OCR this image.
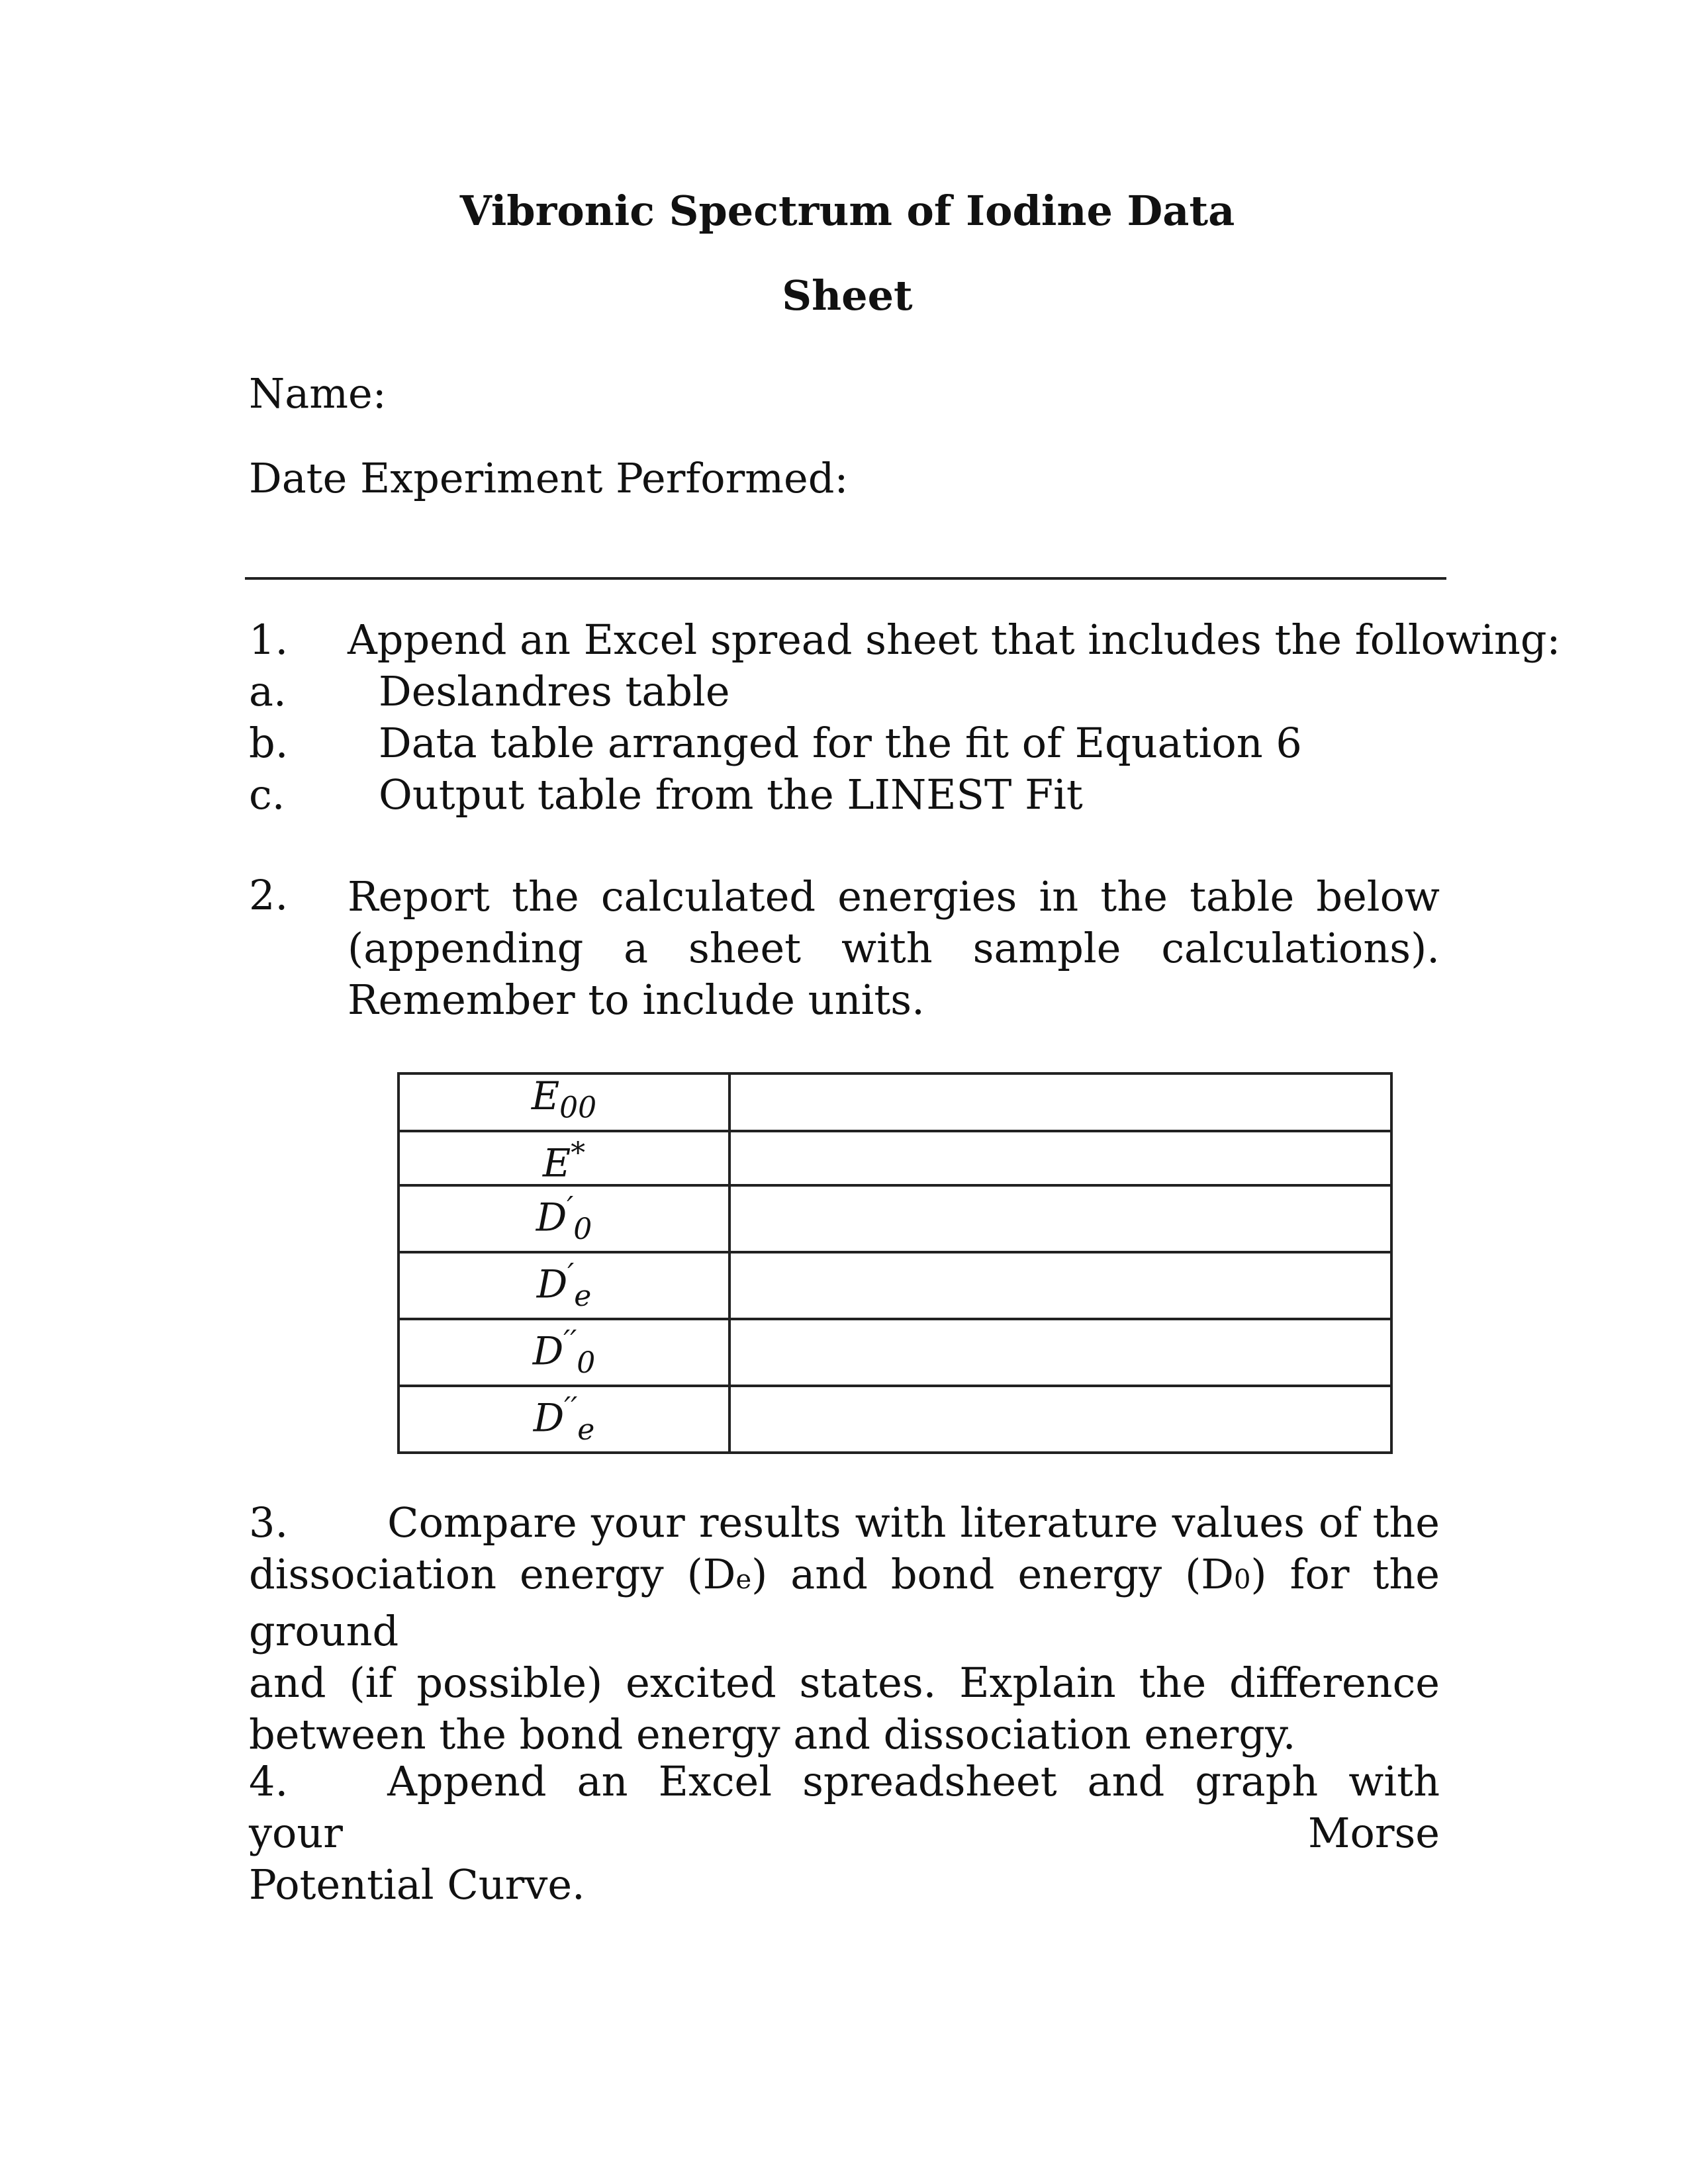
Vibronic Spectrum of Iodine Data
Sheet
Name:
Date Experiment Performed:
1. Append an Excel spread sheet that includes the following:
a. Deslandres table
b. Data table arranged for the fit of Equation 6
c. Output table from the LINEST Fit
2. Report the calculated energies in the table below (appending a sheet with sample calculations). Remember to include units.
$E_{00}$	
E*	
$D'_0$	
$D'_e$	
$D''_0$	
$D''_e$	
3. Compare your results with literature values of the
dissociation energy (De) and bond energy (D0) for the ground
and (if possible) excited states. Explain the difference between the bond energy and dissociation energy.
4. Append an Excel spreadsheet and graph with your Morse
Potential Curve.
